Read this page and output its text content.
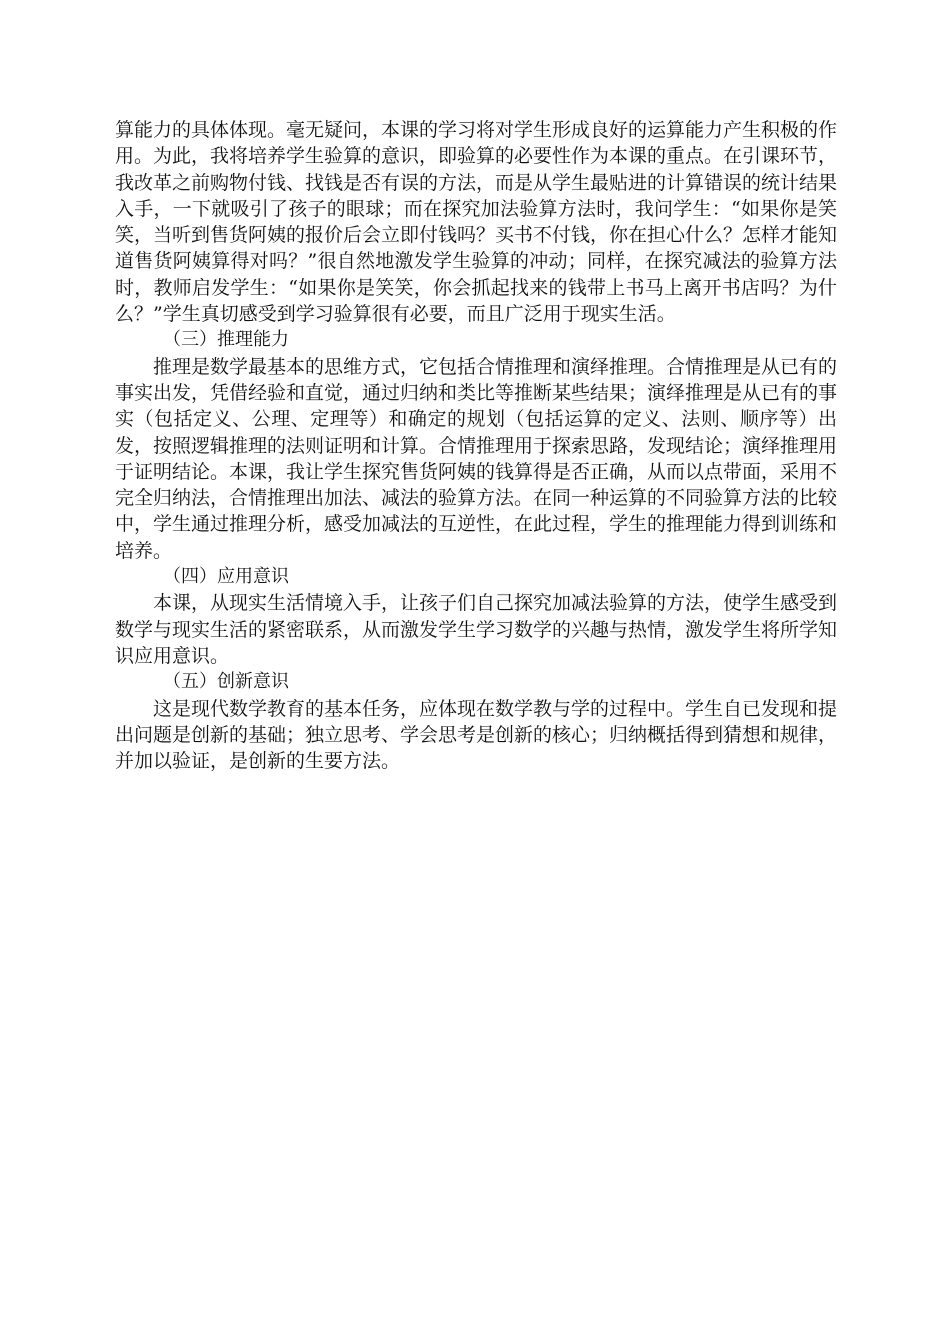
算能力的具体体现。毫无疑问，本课的学习将对学生形成良好的运算能力产生积极的作用。为此，我将培养学生验算的意识，即验算的必要性作为本课的重点。在引课环节，我改革之前购物付钱、找钱是否有误的方法，而是从学生最贴进的计算错误的统计结果入手，一下就吸引了孩子的眼球；而在探究加法验算方法时，我问学生：“如果你是笑笑，当听到售货阿姨的报价后会立即付钱吗？买书不付钱，你在担心什么？怎样才能知道售货阿姨算得对吗？”很自然地激发学生验算的冲动；同样，在探究减法的验算方法时，教师启发学生：“如果你是笑笑，你会抓起找来的钱带上书马上离开书店吗？为什么？”学生真切感受到学习验算很有必要，而且广泛用于现实生活。

（三）推理能力

推理是数学最基本的思维方式，它包括合情推理和演绎推理。合情推理是从已有的事实出发，凭借经验和直觉，通过归纳和类比等推断某些结果；演绎推理是从已有的事实（包括定义、公理、定理等）和确定的规划（包括运算的定义、法则、顺序等）出发，按照逻辑推理的法则证明和计算。合情推理用于探索思路，发现结论；演绎推理用于证明结论。本课，我让学生探究售货阿姨的钱算得是否正确，从而以点带面，采用不完全归纳法，合情推理出加法、减法的验算方法。在同一种运算的不同验算方法的比较中，学生通过推理分析，感受加减法的互逆性，在此过程，学生的推理能力得到训练和培养。

（四）应用意识

本课，从现实生活情境入手，让孩子们自己探究加减法验算的方法，使学生感受到数学与现实生活的紧密联系，从而激发学生学习数学的兴趣与热情，激发学生将所学知识应用意识。

（五）创新意识

这是现代数学教育的基本任务，应体现在数学教与学的过程中。学生自已发现和提出问题是创新的基础；独立思考、学会思考是创新的核心；归纳概括得到猜想和规律，并加以验证，是创新的生要方法。
